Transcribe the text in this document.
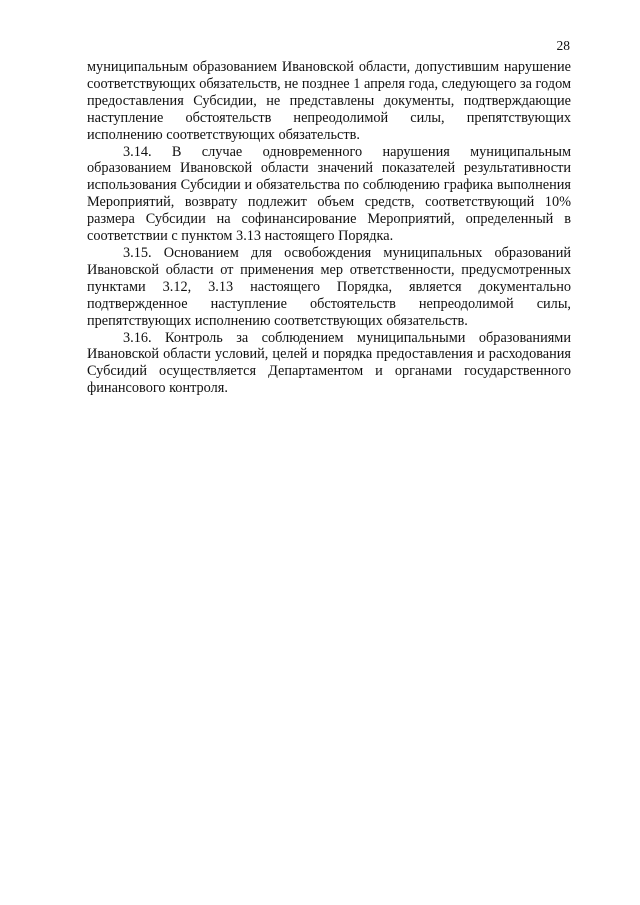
28

муниципальным образованием Ивановской области, допустившим нарушение соответствующих обязательств, не позднее 1 апреля года, следующего за годом предоставления Субсидии, не представлены документы, подтверждающие наступление обстоятельств непреодолимой силы, препятствующих исполнению соответствующих обязательств.

3.14. В случае одновременного нарушения муниципальным образованием Ивановской области значений показателей результативности использования Субсидии и обязательства по соблюдению графика выполнения Мероприятий, возврату подлежит объем средств, соответствующий 10% размера Субсидии на софинансирование Мероприятий, определенный в соответствии с пунктом 3.13 настоящего Порядка.

3.15. Основанием для освобождения муниципальных образований Ивановской области от применения мер ответственности, предусмотренных пунктами 3.12, 3.13 настоящего Порядка, является документально подтвержденное наступление обстоятельств непреодолимой силы, препятствующих исполнению соответствующих обязательств.

3.16. Контроль за соблюдением муниципальными образованиями Ивановской области условий, целей и порядка предоставления и расходования Субсидий осуществляется Департаментом и органами государственного финансового контроля.
